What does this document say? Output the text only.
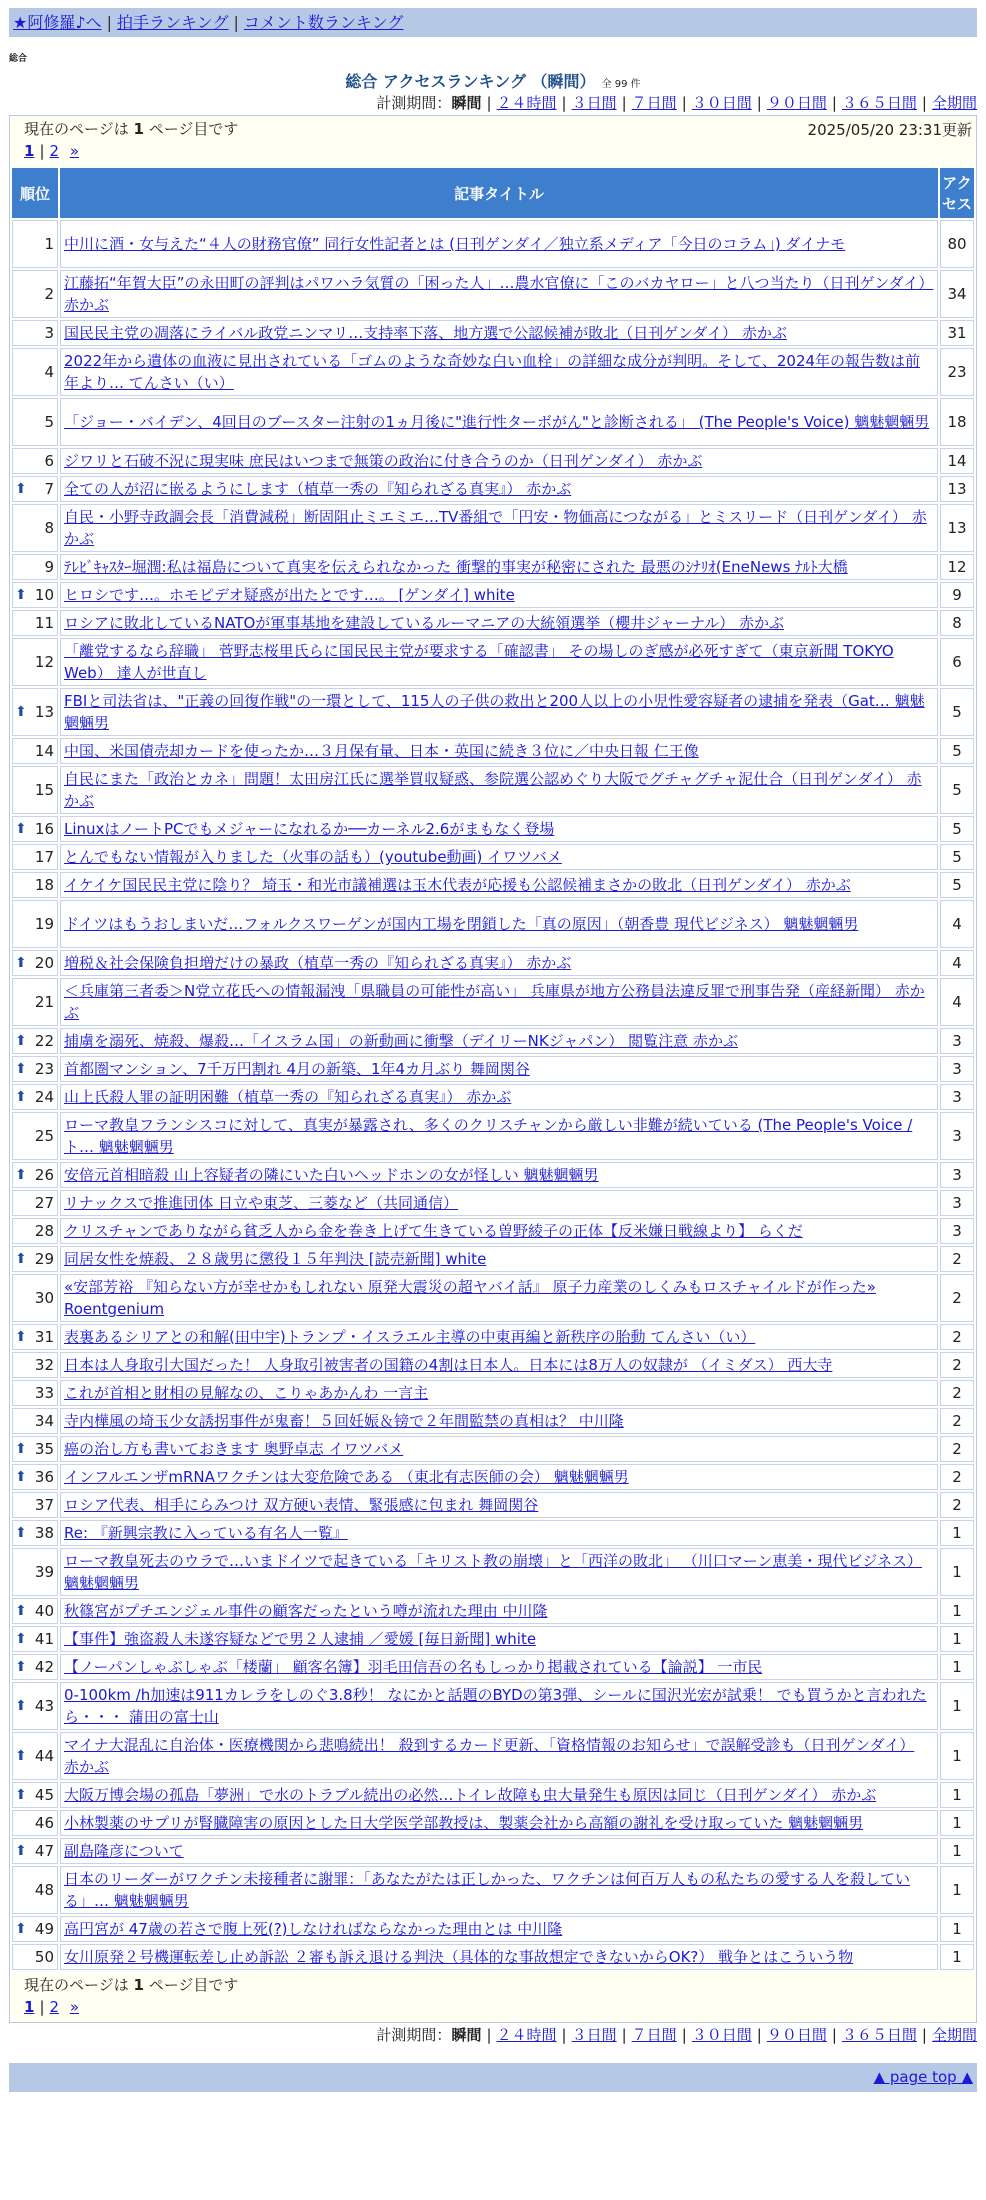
★阿修羅♪へ | 拍手ランキング | コメント数ランキング
総合
総合 アクセスランキング （瞬間） 全 99 件
計測期間：瞬間 | ２４時間 | ３日間 | ７日間 | ３０日間 | ９０日間 | ３６５日間 | 全期間
現在のページは 1 ページ目です	2025/05/20 23:31更新
1 | 2 »
順位	記事タイトル	アクセス
1	中川に酒・女与えた“４人の財務官僚” 同行女性記者とは (日刊ゲンダイ／独立系メディア「今日のコラム」) ダイナモ	80
2	江藤拓“年賀大臣”の永田町の評判はパワハラ気質の「困った人」…農水官僚に「このバカヤロー」と八つ当たり（日刊ゲンダイ） 赤かぶ	34
3	国民民主党の凋落にライバル政党ニンマリ…支持率下落、地方選で公認候補が敗北（日刊ゲンダイ） 赤かぶ	31
4	2022年から遺体の血液に見出されている「ゴムのような奇妙な白い血栓」の詳細な成分が判明。そして、2024年の報告数は前年より… てんさい（い）	23
5	「ジョー・バイデン、4回目のブースター注射の1ヵ月後に"進行性ターボがん"と診断される」 (The People's Voice) 魑魅魍魎男	18
6	ジワリと石破不況に現実味 庶民はいつまで無策の政治に付き合うのか（日刊ゲンダイ） 赤かぶ	14

⬆ 7	全ての人が沼に嵌るようにします（植草一秀の『知られざる真実』） 赤かぶ	13
8	自民・小野寺政調会長「消費減税」断固阻止ミエミエ…TV番組で「円安・物価高につながる」とミスリード（日刊ゲンダイ） 赤かぶ	13
9	ﾃﾚﾋﾞｷｬｽﾀｰ堀潤:私は福島について真実を伝えられなかった 衝撃的事実が秘密にされた 最悪のｼﾅﾘｵ(EneNews ﾅﾙﾄ大橋	12

⬆ 10	ヒロシです…。ホモピデオ疑惑が出たとです…。 [ゲンダイ] white	9
11	ロシアに敗北しているNATOが軍事基地を建設しているルーマニアの大統領選挙（櫻井ジャーナル） 赤かぶ	8
12	「離党するなら辞職」 菅野志桜里氏らに国民民主党が要求する「確認書」 その場しのぎ感が必死すぎて（東京新聞 TOKYO Web） 達人が世直し	6

⬆ 13	FBIと司法省は、"正義の回復作戦"の一環として、115人の子供の救出と200人以上の小児性愛容疑者の逮捕を発表（Gat… 魑魅魍魎男	5
14	中国、米国債売却カードを使ったか…３月保有量、日本・英国に続き３位に／中央日報 仁王像	5
15	自民にまた「政治とカネ」問題！太田房江氏に選挙買収疑惑、参院選公認めぐり大阪でグチャグチャ泥仕合（日刊ゲンダイ） 赤かぶ	5

⬆ 16	LinuxはノートPCでもメジャーになれるか──カーネル2.6がまもなく登場	5
17	とんでもない情報が入りました（火事の話も）(youtube動画) イワツバメ	5
18	イケイケ国民民主党に陰り？ 埼玉・和光市議補選は玉木代表が応援も公認候補まさかの敗北（日刊ゲンダイ） 赤かぶ	5
19	ドイツはもうおしまいだ…フォルクスワーゲンが国内工場を閉鎖した「真の原因」（朝香豊 現代ビジネス） 魑魅魍魎男	4

⬆ 20	増税＆社会保険負担増だけの暴政（植草一秀の『知られざる真実』） 赤かぶ	4
21	＜兵庫第三者委＞N党立花氏への情報漏洩「県職員の可能性が高い」 兵庫県が地方公務員法違反罪で刑事告発（産経新聞） 赤かぶ	4

⬆ 22	捕虜を溺死、焼殺、爆殺…「イスラム国」の新動画に衝撃（デイリーNKジャパン） 閲覧注意 赤かぶ	3

⬆ 23	首都圏マンション、7千万円割れ 4月の新築、1年4カ月ぶり 舞岡関谷	3

⬆ 24	山上氏殺人罪の証明困難（植草一秀の『知られざる真実』） 赤かぶ	3
25	ローマ教皇フランシスコに対して、真実が暴露され、多くのクリスチャンから厳しい非難が続いている (The People's Voice / ト… 魑魅魍魎男	3

⬆ 26	安倍元首相暗殺 山上容疑者の隣にいた白いヘッドホンの女が怪しい 魑魅魍魎男	3
27	リナックスで推進団体 日立や東芝、三菱など（共同通信）	3
28	クリスチャンでありながら貧乏人から金を巻き上げて生きている曽野綾子の正体【反米嫌日戦線より】 らくだ	3

⬆ 29	同居女性を焼殺、２８歳男に懲役１５年判決 [読売新聞] white	2
30	«安部芳裕 『知らない方が幸せかもしれない 原発大震災の超ヤバイ話』 原子力産業のしくみもロスチャイルドが作った» Roentgenium	2

⬆ 31	表裏あるシリアとの和解(田中宇)トランプ・イスラエル主導の中東再編と新秩序の胎動 てんさい（い）	2
32	日本は人身取引大国だった！ 人身取引被害者の国籍の4割は日本人。日本には8万人の奴隷が （イミダス） 西大寺	2
33	これが首相と財相の見解なの、こりゃあかんわ 一言主	2
34	寺内樺風の埼玉少女誘拐事件が鬼畜！５回妊娠＆镑で２年間監禁の真相は？ 中川隆	2

⬆ 35	癌の治し方も書いておきます 奥野卓志 イワツバメ	2

⬆ 36	インフルエンザmRNAワクチンは大変危険である （東北有志医師の会） 魑魅魍魎男	2
37	ロシア代表、相手にらみつけ 双方硬い表情、緊張感に包まれ 舞岡関谷	2

⬆ 38	Re: 『新興宗教に入っている有名人一覧』	1
39	ローマ教皇死去のウラで…いまドイツで起きている「キリスト教の崩壊」と「西洋の敗北」 （川口マーン恵美・現代ビジネス） 魑魅魍魎男	1

⬆ 40	秋篠宮がプチエンジェル事件の顧客だったという噂が流れた理由 中川隆	1

⬆ 41	【事件】強盗殺人未遂容疑などで男２人逮捕 ／愛媛 [毎日新聞] white	1

⬆ 42	【ノーパンしゃぶしゃぶ「楼蘭」 顧客名簿】羽毛田信吾の名もしっかり掲載されている【論説】 一市民	1

⬆ 43	0-100km /h加速は911カレラをしのぐ3.8秒！ なにかと話題のBYDの第3弾、シールに国沢光宏が試乗！ でも買うかと言われたら・・・ 蒲田の富士山	1

⬆ 44	マイナ大混乱に自治体・医療機関から悲鳴続出！ 殺到するカード更新、「資格情報のお知らせ」で誤解受診も（日刊ゲンダイ） 赤かぶ	1

⬆ 45	大阪万博会場の孤島「夢洲」で水のトラブル続出の必然…トイレ故障も虫大量発生も原因は同じ（日刊ゲンダイ） 赤かぶ	1
46	小林製薬のサプリが腎臓障害の原因とした日大学医学部教授は、製薬会社から高額の謝礼を受け取っていた 魑魅魍魎男	1

⬆ 47	副島隆彦について	1
48	日本のリーダーがワクチン未接種者に謝罪：「あなたがたは正しかった、ワクチンは何百万人もの私たちの愛する人を殺している」… 魑魅魍魎男	1

⬆ 49	高円宮が 47歳の若さで腹上死(?)しなければならなかった理由とは 中川隆	1
50	女川原発２号機運転差し止め訴訟 ２審も訴え退ける判決（具体的な事故想定できないからOK?） 戦争とはこういう物	1
現在のページは 1 ページ目です
1 | 2 »
計測期間：瞬間 | ２４時間 | ３日間 | ７日間 | ３０日間 | ９０日間 | ３６５日間 | 全期間
▲ page top ▲
